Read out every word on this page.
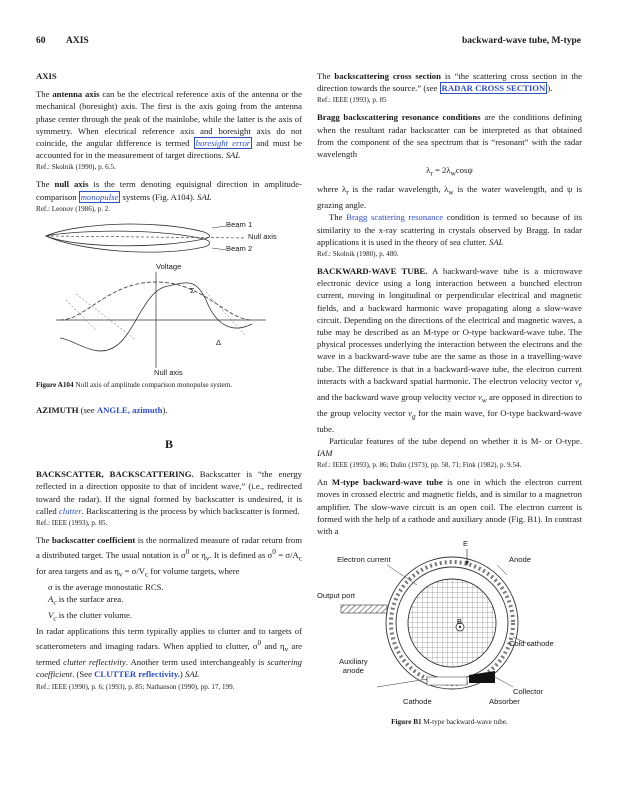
60 AXIS	backward-wave tube, M-type

AXIS

The antenna axis can be the electrical reference axis of the antenna or the mechanical (boresight) axis. The first is the axis going from the antenna phase center through the peak of the mainlobe, while the latter is the axis of symmetry. When electrical reference axis and boresight axis do not coincide, the angular difference is termed boresight error and must be accounted for in the measurement of target directions. SAL

Ref.: Skolnik (1990), p. 6.5.

The null axis is the term denoting equisignal direction in amplitude-comparison monopulse systems (Fig. A104). SAL

Ref.: Leonov (1986), p. 2.

Beam 1
Null axis
Beam 2
Voltage
Σ
Δ
Null axis

Figure A104 Null axis of amplitude comparison monopulse system.

AZIMUTH (see ANGLE, azimuth).

B

BACKSCATTER, BACKSCATTERING. Backscatter is “the energy reflected in a direction opposite to that of incident wave,” (i.e., redirected toward the radar). If the signal formed by backscatter is undesired, it is called clutter. Backscattering is the process by which backscatter is formed.

Ref.: IEEE (1993), p. 85.

The backscatter coefficient is the normalized measure of radar return from a distributed target. The usual notation is $\sigma^0$ or $\eta_v$. It is defined as $\sigma^0 = \sigma/A_c$ for area targets and as $\eta_v = \sigma/V_c$ for volume targets, where

σ is the average monostatic RCS.

$A_c$ is the surface area.

$V_c$ is the clutter volume.

In radar applications this term typically applies to clutter and to targets of scatterometers and imaging radars. When applied to clutter, $\sigma^0$ and $\eta_v$ are termed clutter reflectivity. Another term used interchangeably is scattering coefficient. (See CLUTTER reflectivity.) SAL

Ref.: IEEE (1990), p. 6; (1993), p. 85; Nathanson (1990), pp. 17, 199.

The backscattering cross section is “the scattering cross section in the direction towards the source.” (see RADAR CROSS SECTION ).

Ref.: IEEE (1993), p. 85

Bragg backscattering resonance conditions are the conditions defining when the resultant radar backscatter can be interpreted as that obtained from the component of the sea spectrum that is “resonant” with the radar wavelength

$\lambda_r = 2\lambda_w\cos\psi$

where $\lambda_r$ is the radar wavelength, $\lambda_w$ is the water wavelength, and ψ is grazing angle.

The Bragg scattering resonance condition is termed so because of its similarity to the x-ray scattering in crystals observed by Bragg. In radar applications it is used in the theory of sea clutter. SAL

Ref.: Skolnik (1980), p. 480.

BACKWARD-WAVE TUBE. A backward-wave tube is a microwave electronic device using a long interaction between a bunched electron current, moving in longitudinal or perpendicular electrical and magnetic fields, and a backward harmonic wave propagating along a slow-wave circuit. Depending on the directions of the electrical and magnetic waves, a tube may be described as an M-type or O-type backward-wave tube. The physical processes underlying the interaction between the electrons and the wave in a backward-wave tube are the same as those in a travelling-wave tube. The difference is that in a backward-wave tube, the electron current interacts with a backward spatial harmonic. The electron velocity vector $v_e$ and the backward wave group velocity vector $v_w$ are opposed in direction to the group velocity vector $v_g$ for the main wave, for O-type backward-wave tube.

Particular features of the tube depend on whether it is M- or O-type. IAM

Ref.: IEEE (1993), p. 86; Dulin (1973), pp. 58, 71; Fink (1982), p. 9.54.

An M-type backward-wave tube is one in which the electron current moves in crossed electric and magnetic fields, and is similar to a magnetron amplifier. The slow-wave circuit is an open coil. The electron current is formed with the help of a cathode and auxiliary anode (Fig. B1). In contrast with a

E
Electron current	Anode
Output port
B
Cold cathode
Auxiliary
anode
Collector
Cathode	Absorber

Figure B1 M-type backward-wave tube.
